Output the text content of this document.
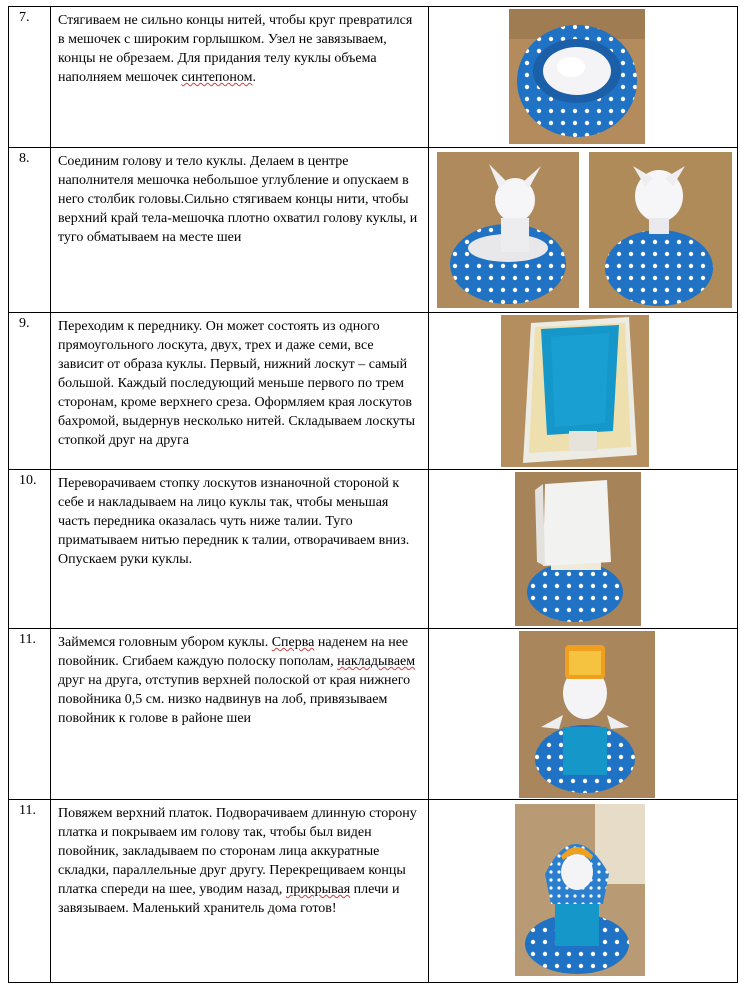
7.	Стягиваем не сильно концы нитей, чтобы круг превратился в мешочек с широким горлышком. Узел не завязываем, концы не обрезаем. Для придания телу куклы объема наполняем мешочек синтепоном.	

8.	Соединим голову и тело куклы. Делаем в центре наполнителя мешочка небольшое углубление и опускаем в него столбик головы.Сильно стягиваем концы нити, чтобы верхний край тела-мешочка плотно охватил голову куклы, и туго обматываем на месте шеи	

9.	Переходим к переднику. Он может состоять из одного прямоугольного лоскута, двух, трех и даже семи, все зависит от образа куклы. Первый, нижний лоскут – самый большой. Каждый последующий меньше первого по трем сторонам, кроме верхнего среза. Оформляем края лоскутов бахромой, выдернув несколько нитей. Складываем лоскуты стопкой друг на друга	

10.	Переворачиваем стопку лоскутов изнаночной стороной к себе и накладываем на лицо куклы так, чтобы меньшая часть передника оказалась чуть ниже талии. Туго приматываем нитью передник к талии, отворачиваем вниз. Опускаем руки куклы.	

11.	Займемся головным убором куклы. Сперва наденем на нее повойник. Сгибаем каждую полоску пополам, накладываем друг на друга, отступив верхней полоской от края нижнего повойника 0,5 см. низко надвинув на лоб, привязываем повойник к голове в районе шеи	

11.	Повяжем верхний платок. Подворачиваем длинную сторону платка и покрываем им голову так, чтобы был виден повойник, закладываем по сторонам лица аккуратные складки, параллельные друг другу. Перекрещиваем концы платка спереди на шее, уводим назад, прикрывая плечи и завязываем. Маленький хранитель дома готов!	
